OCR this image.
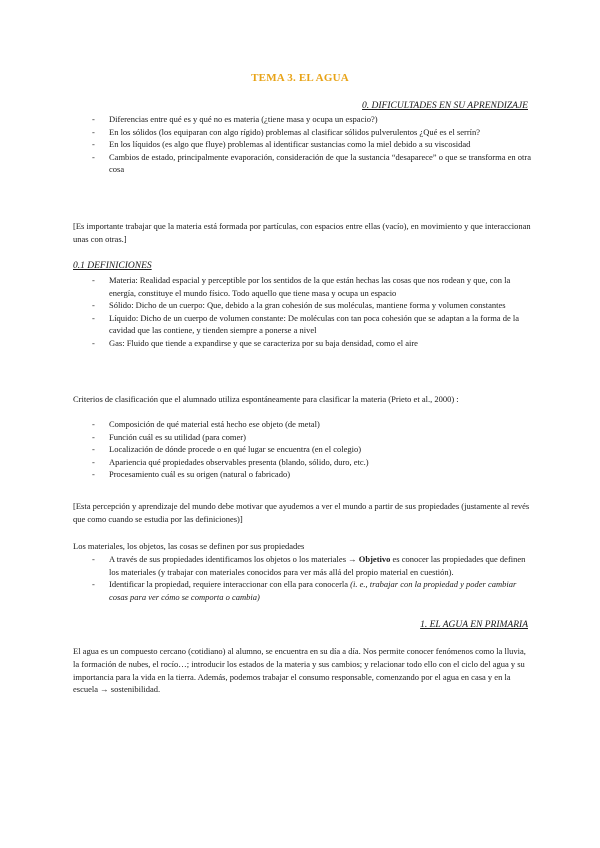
TEMA 3. EL AGUA
0. DIFICULTADES EN SU APRENDIZAJE
- Diferencias entre qué es y qué no es materia (¿tiene masa y ocupa un espacio?)
- En los sólidos (los equiparan con algo rígido) problemas al clasificar sólidos pulverulentos ¿Qué es el serrín?
- En los líquidos (es algo que fluye) problemas al identificar sustancias como la miel debido a su viscosidad
- Cambios de estado, principalmente evaporación, consideración de que la sustancia “desaparece” o que se transforma en otra cosa

[Es importante trabajar que la materia está formada por partículas, con espacios entre ellas (vacío), en movimiento y que interaccionan unas con otras.]

0.1 DEFINICIONES
- Materia: Realidad espacial y perceptible por los sentidos de la que están hechas las cosas que nos rodean y que, con la energía, constituye el mundo físico. Todo aquello que tiene masa y ocupa un espacio
- Sólido: Dicho de un cuerpo: Que, debido a la gran cohesión de sus moléculas, mantiene forma y volumen constantes
- Líquido: Dicho de un cuerpo de volumen constante: De moléculas con tan poca cohesión que se adaptan a la forma de la cavidad que las contiene, y tienden siempre a ponerse a nivel
- Gas: Fluido que tiende a expandirse y que se caracteriza por su baja densidad, como el aire

Criterios de clasificación que el alumnado utiliza espontáneamente para clasificar la materia (Prieto et al., 2000) :

- Composición de qué material está hecho ese objeto (de metal)
- Función cuál es su utilidad (para comer)
- Localización de dónde procede o en qué lugar se encuentra (en el colegio)
- Apariencia qué propiedades observables presenta (blando, sólido, duro, etc.)
- Procesamiento cuál es su origen (natural o fabricado)

[Esta percepción y aprendizaje del mundo debe motivar que ayudemos a ver el mundo a partir de sus propiedades (justamente al revés que como cuando se estudia por las definiciones)]

Los materiales, los objetos, las cosas se definen por sus propiedades

- A través de sus propiedades identificamos los objetos o los materiales → Objetivo es conocer las propiedades que definen los materiales (y trabajar con materiales conocidos para ver más allá del propio material en cuestión).
- Identificar la propiedad, requiere interaccionar con ella para conocerla (i. e., trabajar con la propiedad y poder cambiar cosas para ver cómo se comporta o cambia)
1. EL AGUA EN PRIMARIA

El agua es un compuesto cercano (cotidiano) al alumno, se encuentra en su día a día. Nos permite conocer fenómenos como la lluvia, la formación de nubes, el rocío…; introducir los estados de la materia y sus cambios; y relacionar todo ello con el ciclo del agua y su importancia para la vida en la tierra. Además, podemos trabajar el consumo responsable, comenzando por el agua en casa y en la escuela → sostenibilidad.
